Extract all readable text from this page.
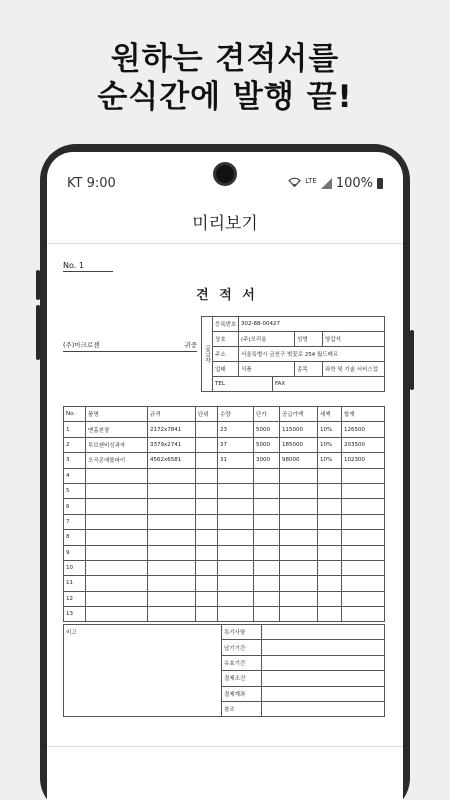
원하는 견적서를
순식간에 발행 끝!
KT 9:00	LTE 100%
미리보기
No. 1
견 적 서
(주)마크로젠	귀중 공급자	등록번호	302-88-00427			
	상호	(주)모리울		성명	양갑석
	주소	서울특별시 금천구 벚꽃로 254 월드메르			
	업태	식품		종목	과학 및 기술 서비스업
	TEL		FAX		
No.	품명	규격	단위	수량	단가	공급가액	세액	합계
1	맨홀천장	2172x7841		23	5000	115000	10%	126500
2	투브젠비싱과자	3379x2741		37	5000	185000	10%	203500
3	오곡콘에볼파이	4562x6581		31	3000	98000	10%	102300
4								
5								
6								
7								
8								
9								
10								
11								
12								
13								
비고	특기사항	
	납기기간	
	유효기간	
	결제조건	
	결제계좌	
	참조	
